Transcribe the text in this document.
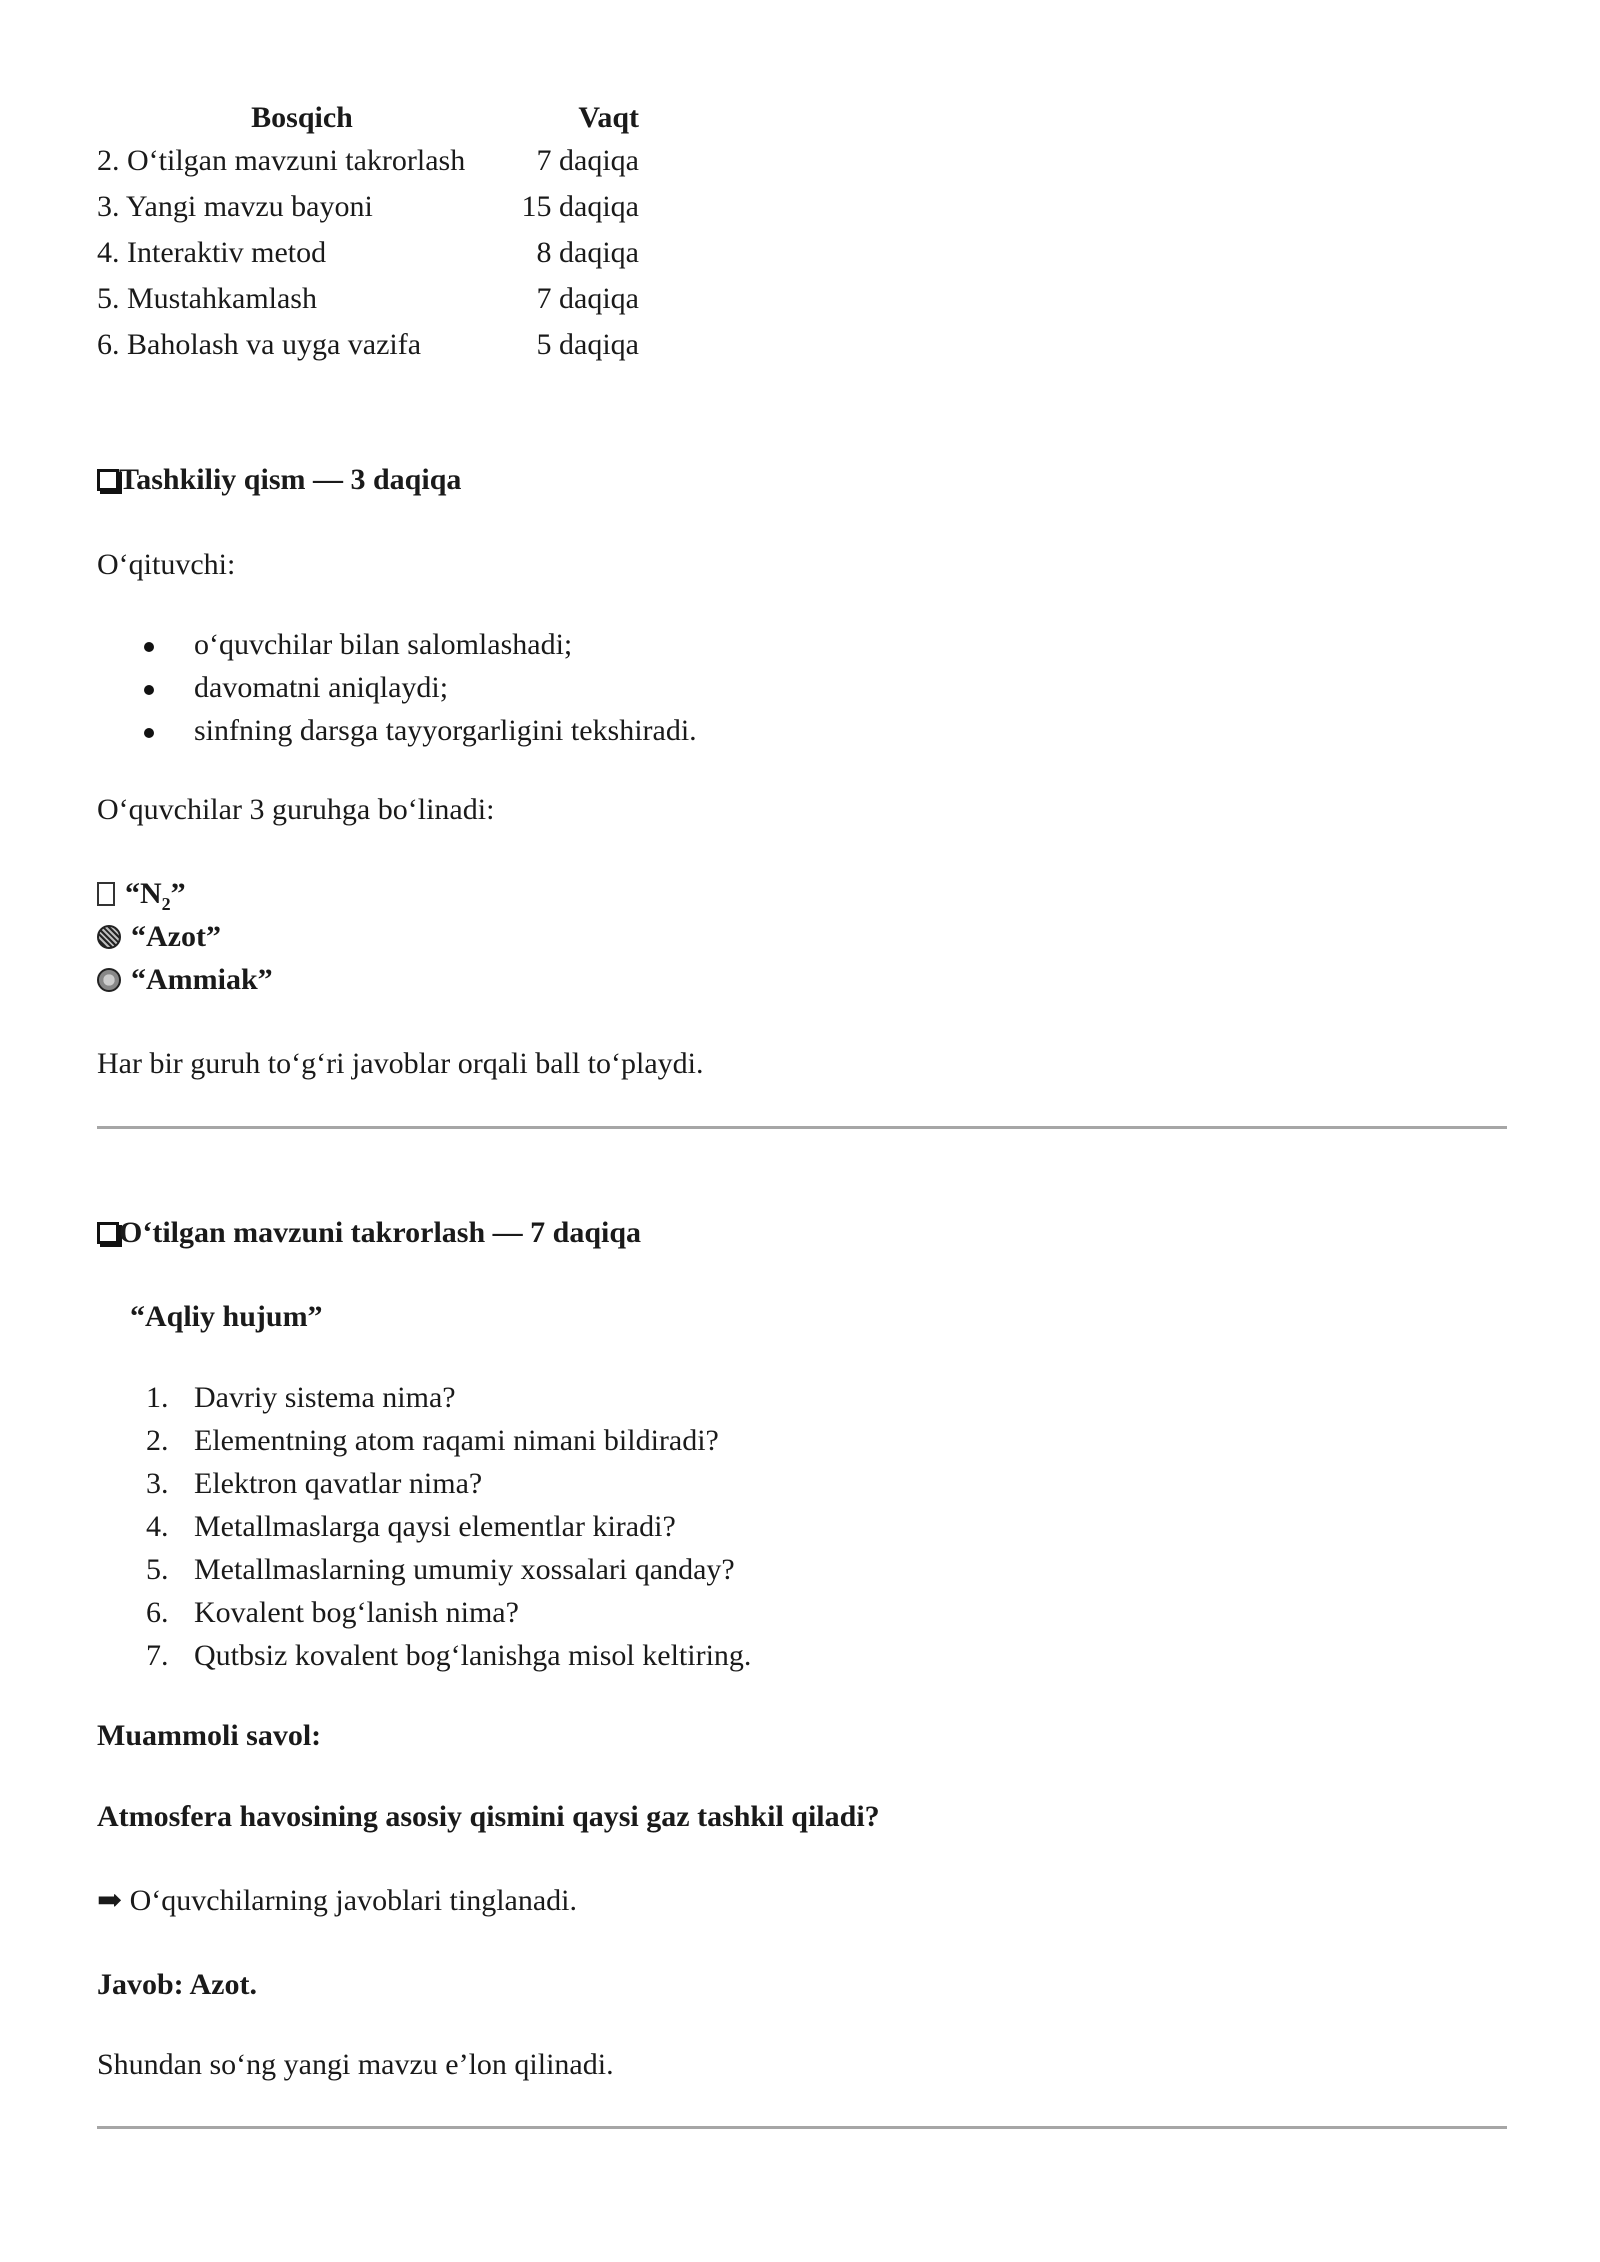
Bosqich	Vaqt
2. O‘tilgan mavzuni takrorlash	7 daqiqa
3. Yangi mavzu bayoni	15 daqiqa
4. Interaktiv metod	8 daqiqa
5. Mustahkamlash	7 daqiqa
6. Baholash va uyga vazifa	5 daqiqa
Tashkiliy qism — 3 daqiqa
O‘qituvchi:
o‘quvchilar bilan salomlashadi;
davomatni aniqlaydi;
sinfning darsga tayyorgarligini tekshiradi.
O‘quvchilar 3 guruhga bo‘linadi:
“$N_2$”
“Azot”
“Ammiak”
Har bir guruh to‘g‘ri javoblar orqali ball to‘playdi.
O‘tilgan mavzuni takrorlash — 7 daqiqa
“Aqliy hujum”
1. Davriy sistema nima?
2. Elementning atom raqami nimani bildiradi?
3. Elektron qavatlar nima?
4. Metallmaslarga qaysi elementlar kiradi?
5. Metallmaslarning umumiy xossalari qanday?
6. Kovalent bog‘lanish nima?
7. Qutbsiz kovalent bog‘lanishga misol keltiring.
Muammoli savol:
Atmosfera havosining asosiy qismini qaysi gaz tashkil qiladi?
➡ O‘quvchilarning javoblari tinglanadi.
Javob: Azot.
Shundan so‘ng yangi mavzu e’lon qilinadi.
